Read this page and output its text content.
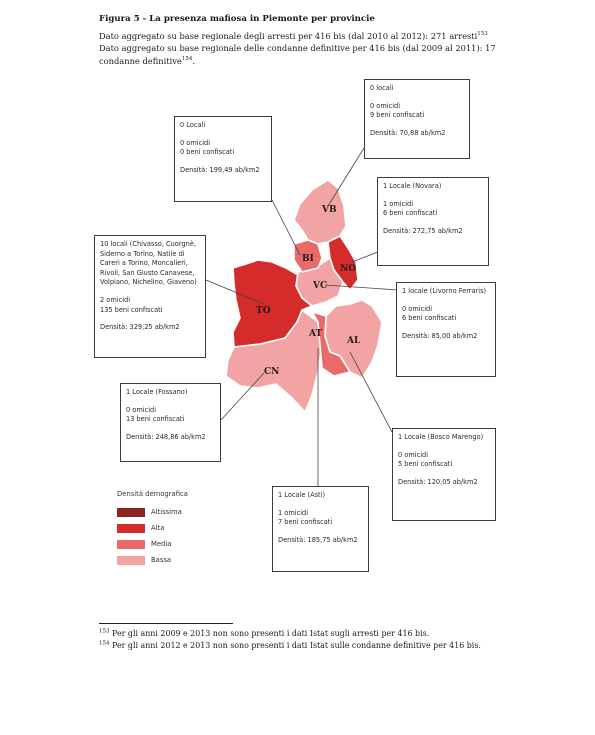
Figura 5 - La presenza mafiosa in Piemonte per provincie

Dato aggregato su base regionale degli arresti per 416 bis (dal 2010 al 2012): 271 arresti$^{153}$

Dato aggregato su base regionale delle condanne definitive per 416 bis (dal 2009 al 2011): 17 condanne definitive$^{154}$.

VB
BI
NO
VC
TO
AT
AL
CN
0 locali
0 omicidi
9 beni confiscati
Densità: 70,88 ab/km2
0 Locali
0 omicidi
0 beni confiscati
Densità: 199,49 ab/km2
1 Locale (Novara)
1 omicidi
6 beni confiscati
Densità: 272,75 ab/km2
10 locali (Chivasso, Cuorgnè, Siderno a Torino, Natile di Careri a Torino, Moncalieri, Rivoli, San Giusto Canavese, Volpiano, Nichelino, Giaveno)
2 omicidi
135 beni confiscati
Densità: 329,25 ab/km2
1 locale (Livorno Ferraris)
0 omicidi
6 beni confiscati
Densità: 85,00 ab/km2
1 Locale (Fossano)
0 omicidi
13 beni confiscati
Densità: 248,86 ab/km2	1 Locale (Bosco Marengo)
0 omicidi
5 beni confiscati
Densità: 120,05 ab/km2
1 Locale (Asti)
1 omicidi
7 beni confiscati
Densità: 185,75 ab/km2
Densità demografica
Altissima
Alta
Media
Bassa
$^{153}$ Per gli anni 2009 e 2013 non sono presenti i dati Istat sugli arresti per 416 bis.
$^{154}$ Per gli anni 2012 e 2013 non sono presenti i dati Istat sulle condanne definitive per 416 bis.
